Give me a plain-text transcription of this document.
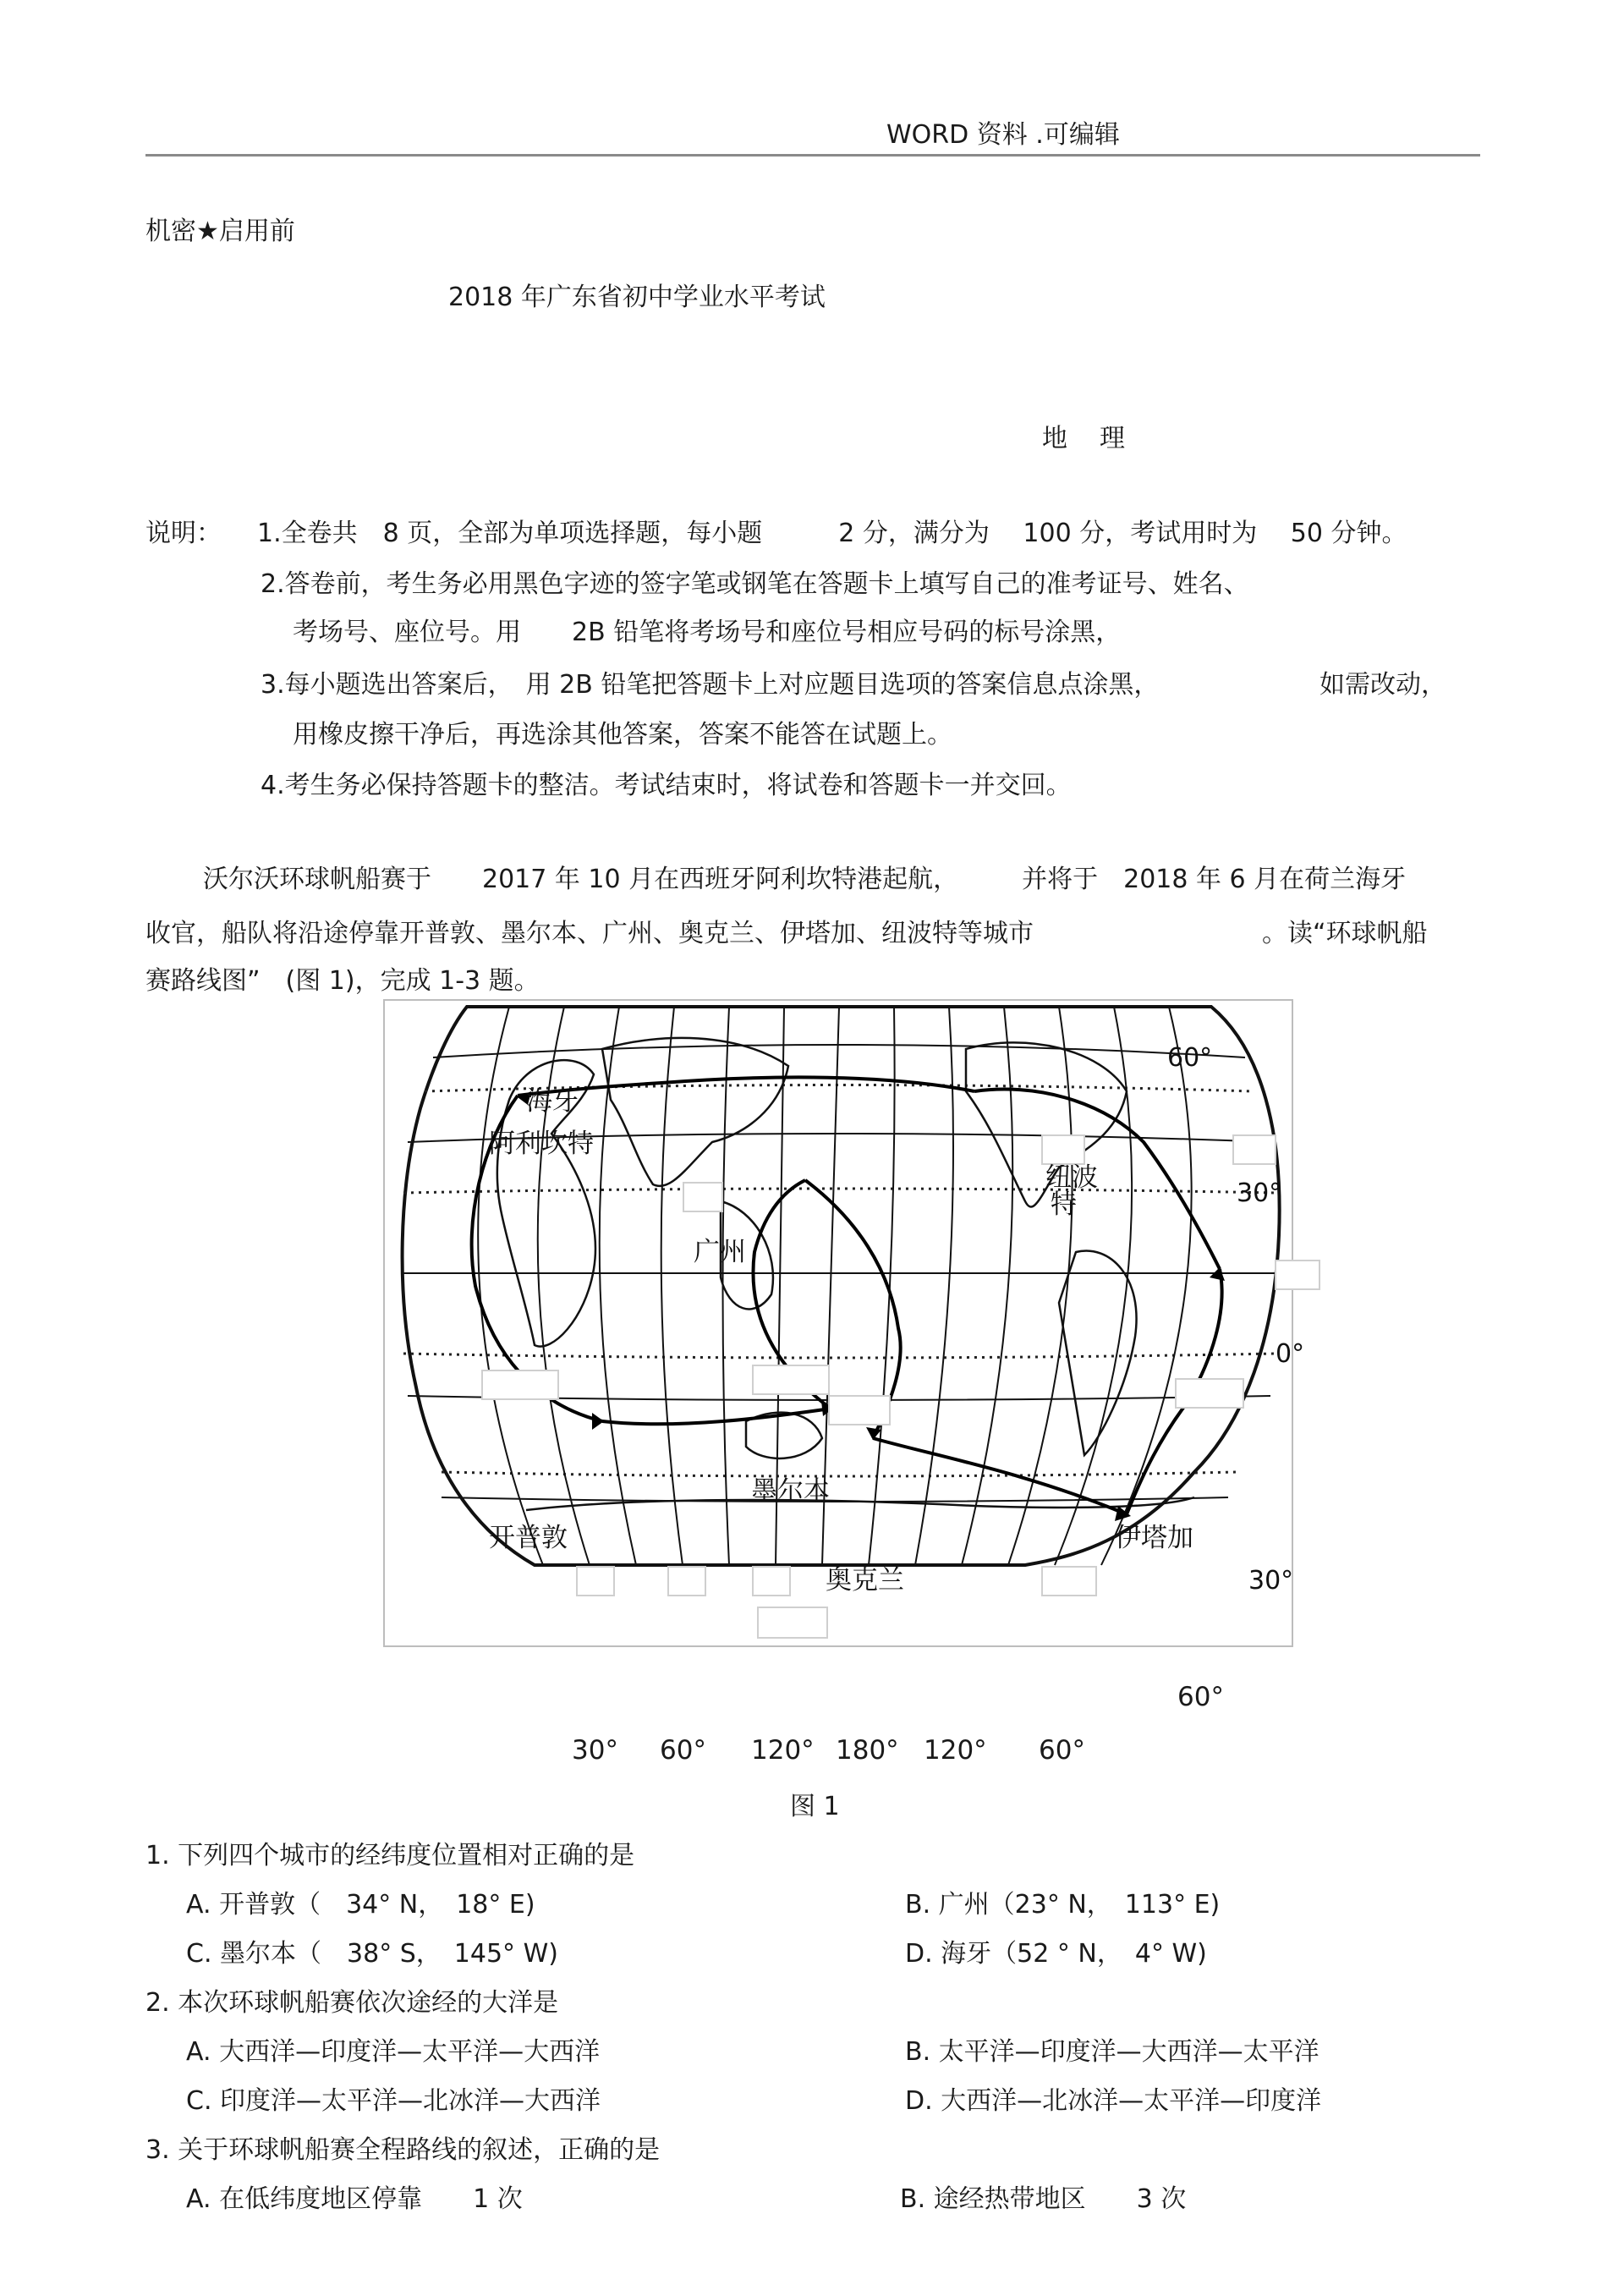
WORD 资料 .可编辑
机密★启用前
2018 年广东省初中学业水平考试
地　理
说明： 1.全卷共　8 页，全部为单项选择题，每小题　　　2 分，满分为　 100 分，考试用时为　 50 分钟。
2.答卷前，考生务必用黑色字迹的签字笔或钢笔在答题卡上填写自己的准考证号、姓名、
考场号、座位号。用　　2B 铅笔将考场号和座位号相应号码的标号涂黑，
3.每小题选出答案后，　用 2B 铅笔把答题卡上对应题目选项的答案信息点涂黑，	如需改动，
用橡皮擦干净后，再选涂其他答案，答案不能答在试题上。
4.考生务必保持答题卡的整洁。考试结束时，将试卷和答题卡一并交回。
沃尔沃环球帆船赛于　　2017 年 10 月在西班牙阿利坎特港起航，　　　并将于　2018 年 6 月在荷兰海牙
收官，船队将沿途停靠开普敦、墨尔本、广州、奥克兰、伊塔加、纽波特等城市	。读“环球帆船
赛路线图”　(图 1)，完成 1-3 题。
海牙
阿利坎特
纽波
特
广州
墨尔本
开普敦	伊塔加
奥克兰
60°
30°
0°
30°
60°
30° 60° 120° 180° 120° 60°
图 1
1. 下列四个城市的经纬度位置相对正确的是
A. 开普敦（　34° N，　18° E)	B. 广州（23° N，　113° E)
C. 墨尔本（　38° S，　145° W)	D. 海牙（52 ° N，　4° W)
2. 本次环球帆船赛依次途经的大洋是
A. 大西洋—印度洋—太平洋—大西洋	B. 太平洋—印度洋—大西洋—太平洋
C. 印度洋—太平洋—北冰洋—大西洋	D. 大西洋—北冰洋—太平洋—印度洋
3. 关于环球帆船赛全程路线的叙述，正确的是
A. 在低纬度地区停靠　　1 次	B. 途经热带地区　　3 次
